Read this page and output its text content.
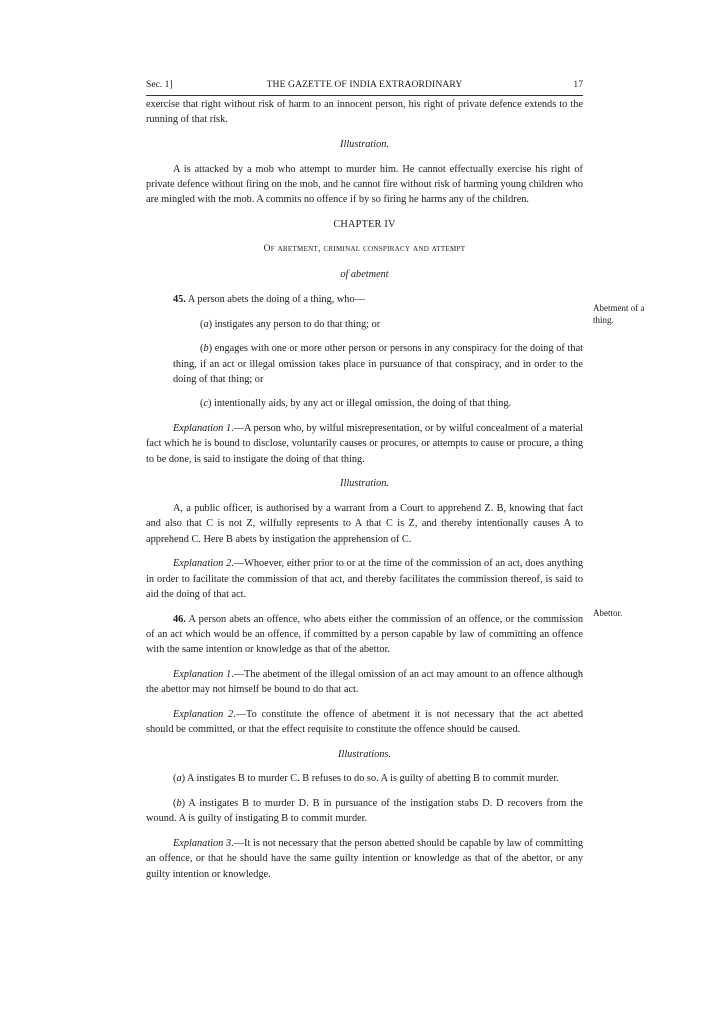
Sec. 1]	THE GAZETTE OF INDIA EXTRAORDINARY	17

exercise that right without risk of harm to an innocent person, his right of private defence extends to the running of that risk.

Illustration.

A is attacked by a mob who attempt to murder him. He cannot effectually exercise his right of private defence without firing on the mob, and he cannot fire without risk of harming young children who are mingled with the mob. A commits no offence if by so firing he harms any of the children.

CHAPTER IV

Of abetment, criminal conspiracy and attempt

of abetment

45. A person abets the doing of a thing, who—

(a) instigates any person to do that thing; or

(b) engages with one or more other person or persons in any conspiracy for the doing of that thing, if an act or illegal omission takes place in pursuance of that conspiracy, and in order to the doing of that thing; or

(c) intentionally aids, by any act or illegal omission, the doing of that thing.

Explanation 1.—A person who, by wilful misrepresentation, or by wilful concealment of a material fact which he is bound to disclose, voluntarily causes or procures, or attempts to cause or procure, a thing to be done, is said to instigate the doing of that thing.

Illustration.

A, a public officer, is authorised by a warrant from a Court to apprehend Z. B, knowing that fact and also that C is not Z, wilfully represents to A that C is Z, and thereby intentionally causes A to apprehend C. Here B abets by instigation the apprehension of C.

Explanation 2.—Whoever, either prior to or at the time of the commission of an act, does anything in order to facilitate the commission of that act, and thereby facilitates the commission thereof, is said to aid the doing of that act.

46. A person abets an offence, who abets either the commission of an offence, or the commission of an act which would be an offence, if committed by a person capable by law of committing an offence with the same intention or knowledge as that of the abettor.

Explanation 1.—The abetment of the illegal omission of an act may amount to an offence although the abettor may not himself be bound to do that act.

Explanation 2.—To constitute the offence of abetment it is not necessary that the act abetted should be committed, or that the effect requisite to constitute the offence should be caused.

Illustrations.

(a) A instigates B to murder C. B refuses to do so. A is guilty of abetting B to commit murder.

(b) A instigates B to murder D. B in pursuance of the instigation stabs D. D recovers from the wound. A is guilty of instigating B to commit murder.

Explanation 3.—It is not necessary that the person abetted should be capable by law of committing an offence, or that he should have the same guilty intention or knowledge as that of the abettor, or any guilty intention or knowledge.

Abetment of a thing.
Abettor.
